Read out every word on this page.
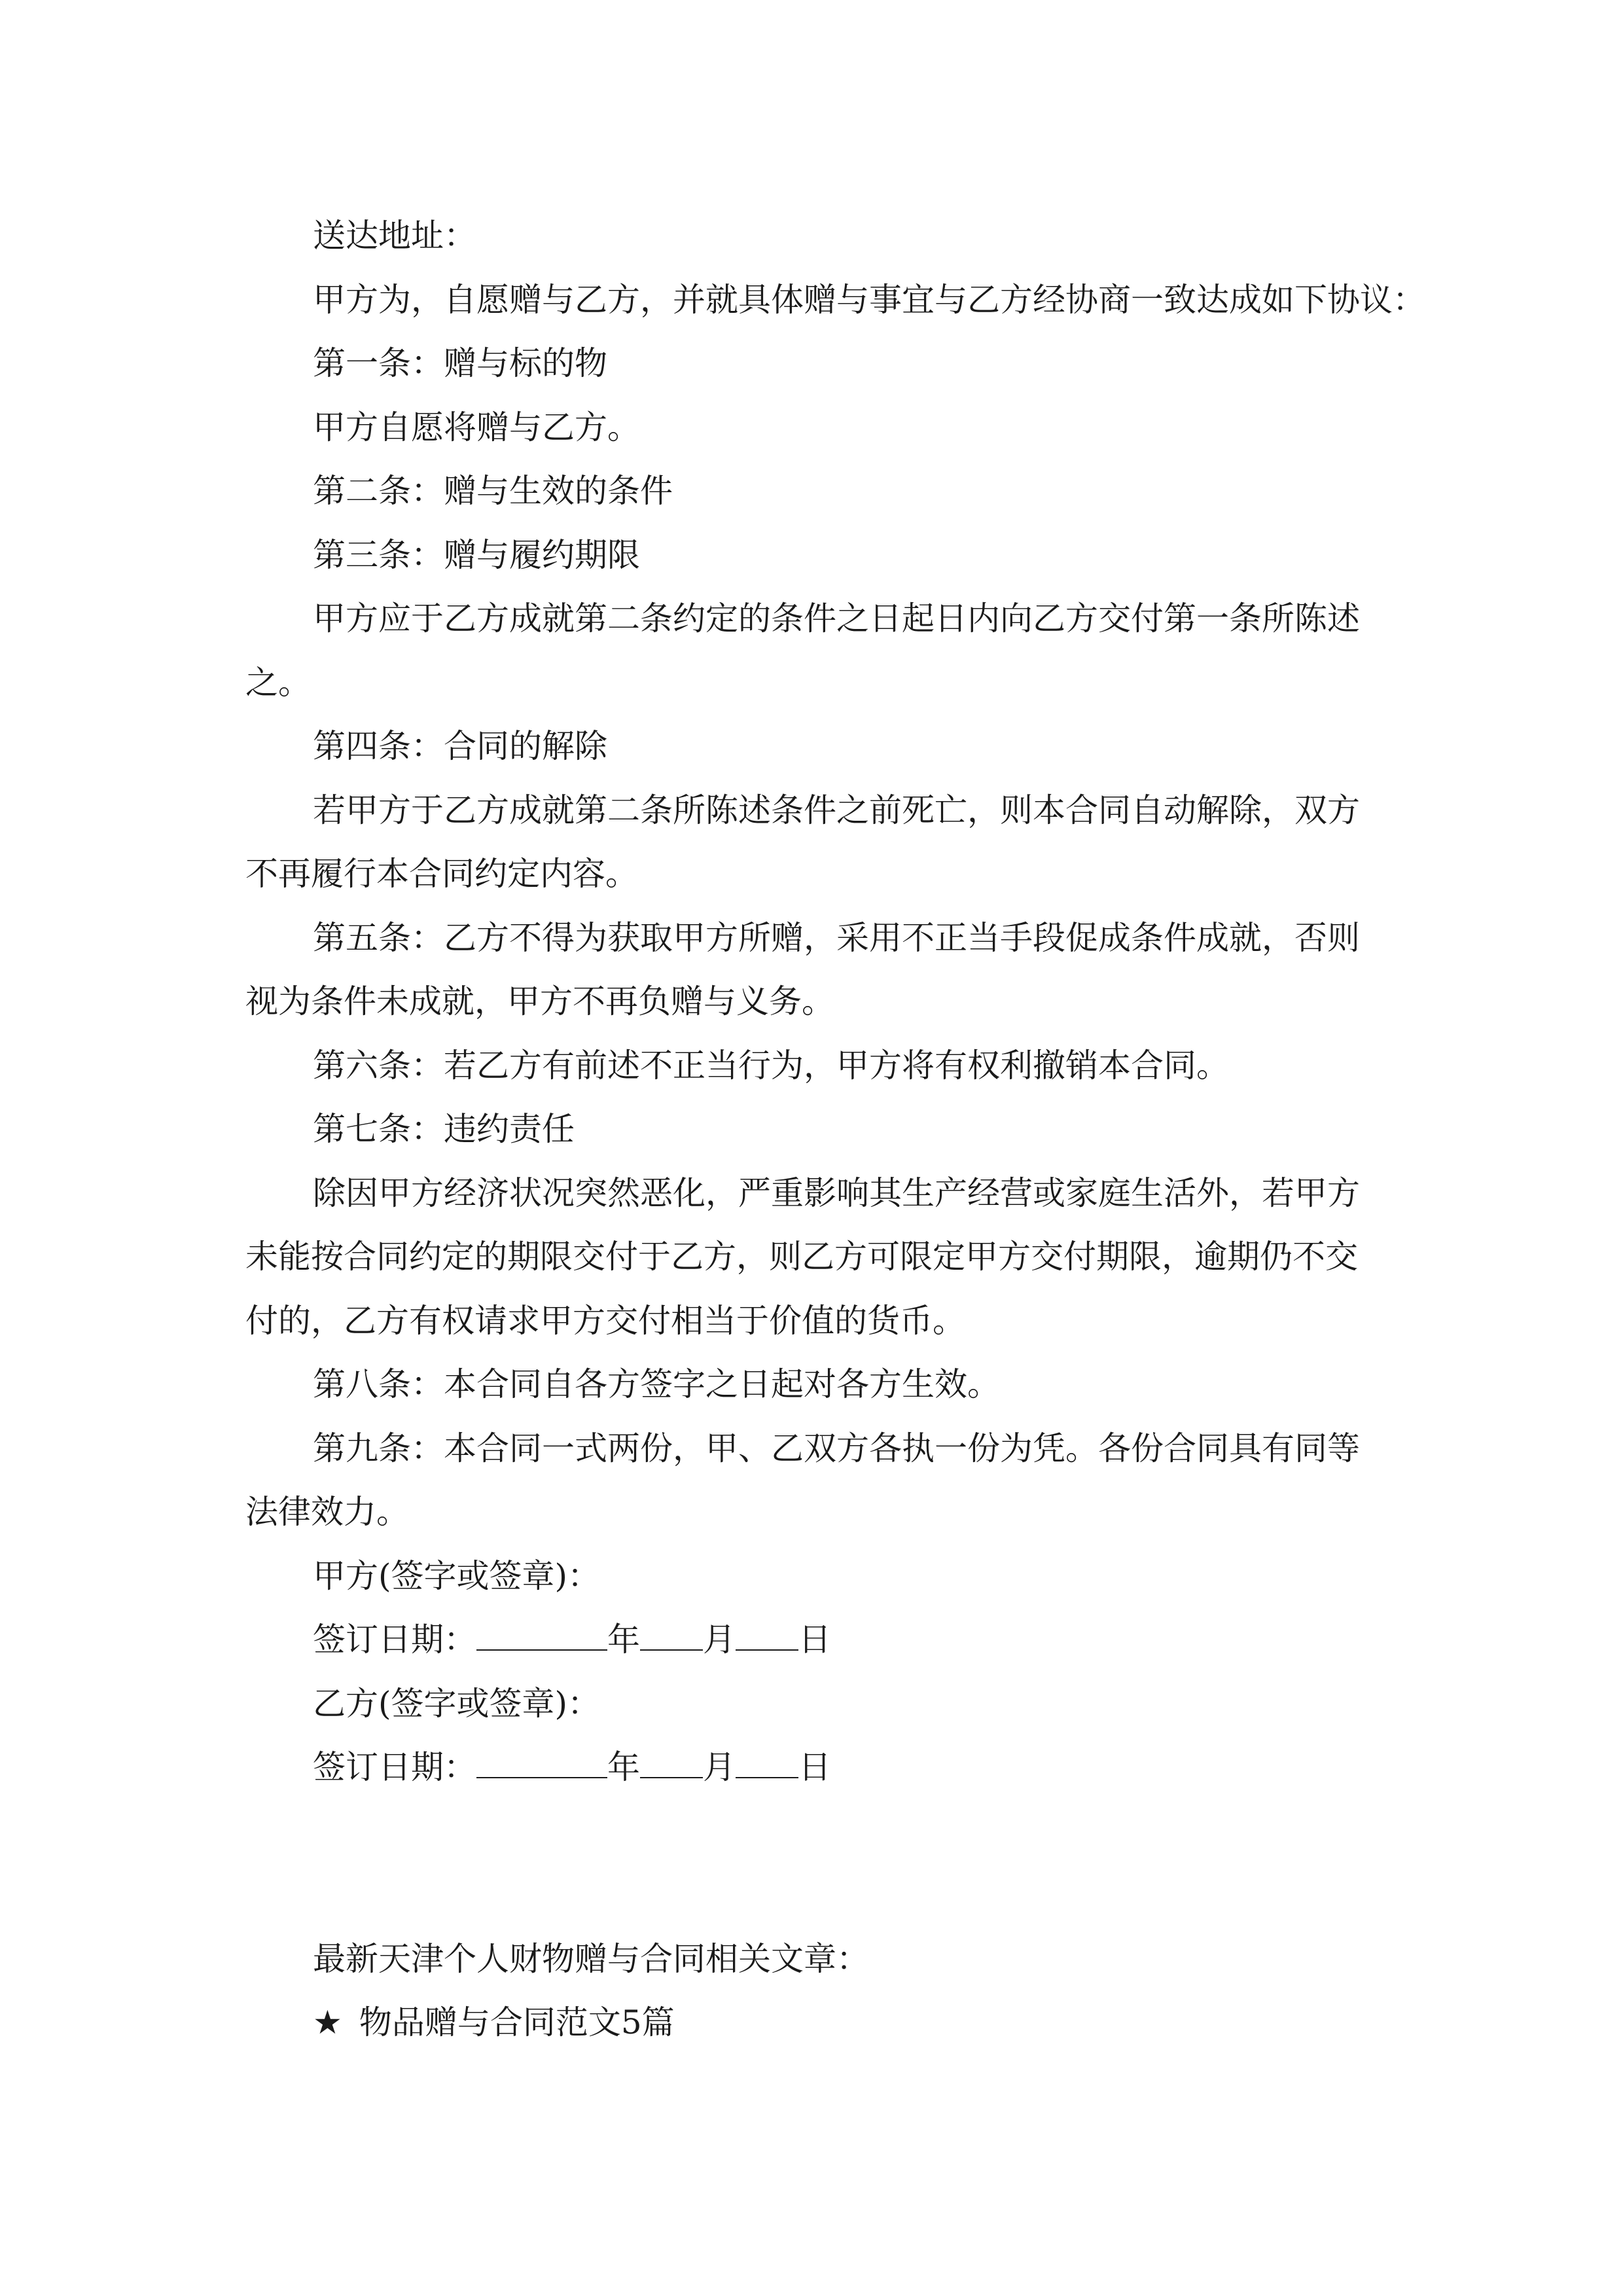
送达地址：

甲方为，自愿赠与乙方，并就具体赠与事宜与乙方经协商一致达成如下协议：

第一条：赠与标的物

甲方自愿将赠与乙方。

第二条：赠与生效的条件

第三条：赠与履约期限

甲方应于乙方成就第二条约定的条件之日起日内向乙方交付第一条所陈述之。

第四条：合同的解除

若甲方于乙方成就第二条所陈述条件之前死亡，则本合同自动解除，双方不再履行本合同约定内容。

第五条：乙方不得为获取甲方所赠，采用不正当手段促成条件成就，否则视为条件未成就，甲方不再负赠与义务。

第六条：若乙方有前述不正当行为，甲方将有权利撤销本合同。

第七条：违约责任

除因甲方经济状况突然恶化，严重影响其生产经营或家庭生活外，若甲方未能按合同约定的期限交付于乙方，则乙方可限定甲方交付期限，逾期仍不交付的，乙方有权请求甲方交付相当于价值的货币。

第八条：本合同自各方签字之日起对各方生效。

第九条：本合同一式两份，甲、乙双方各执一份为凭。各份合同具有同等法律效力。

甲方(签字或签章)：

签订日期：	年 月 日

乙方(签字或签章)：

签订日期：	年 月 日

最新天津个人财物赠与合同相关文章：

★ 物品赠与合同范文5篇
